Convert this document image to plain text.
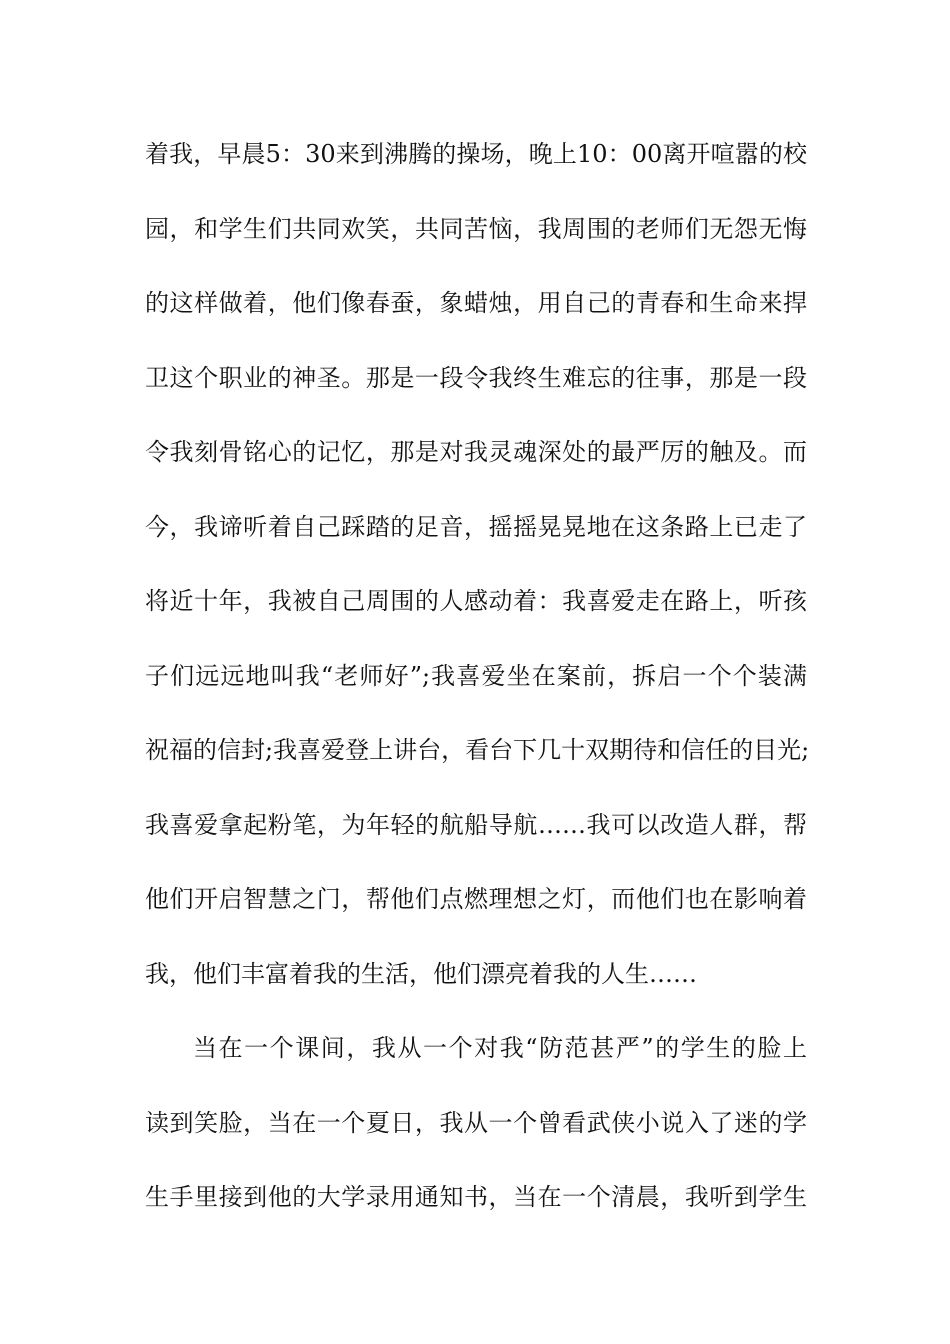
着我，早晨5：30来到沸腾的操场，晚上10：00离开喧嚣的校
园，和学生们共同欢笑，共同苦恼，我周围的老师们无怨无悔
的这样做着，他们像春蚕，象蜡烛，用自己的青春和生命来捍
卫这个职业的神圣。那是一段令我终生难忘的往事，那是一段
令我刻骨铭心的记忆，那是对我灵魂深处的最严厉的触及。而
今，我谛听着自己踩踏的足音，摇摇晃晃地在这条路上已走了
将近十年，我被自己周围的人感动着：我喜爱走在路上，听孩
子们远远地叫我“老师好”;我喜爱坐在案前，拆启一个个装满
祝福的信封;我喜爱登上讲台，看台下几十双期待和信任的目光;
我喜爱拿起粉笔，为年轻的航船导航……我可以改造人群，帮
他们开启智慧之门，帮他们点燃理想之灯，而他们也在影响着
我，他们丰富着我的生活，他们漂亮着我的人生……
当在一个课间，我从一个对我“防范甚严”的学生的脸上
读到笑脸，当在一个夏日，我从一个曾看武侠小说入了迷的学
生手里接到他的大学录用通知书，当在一个清晨，我听到学生
